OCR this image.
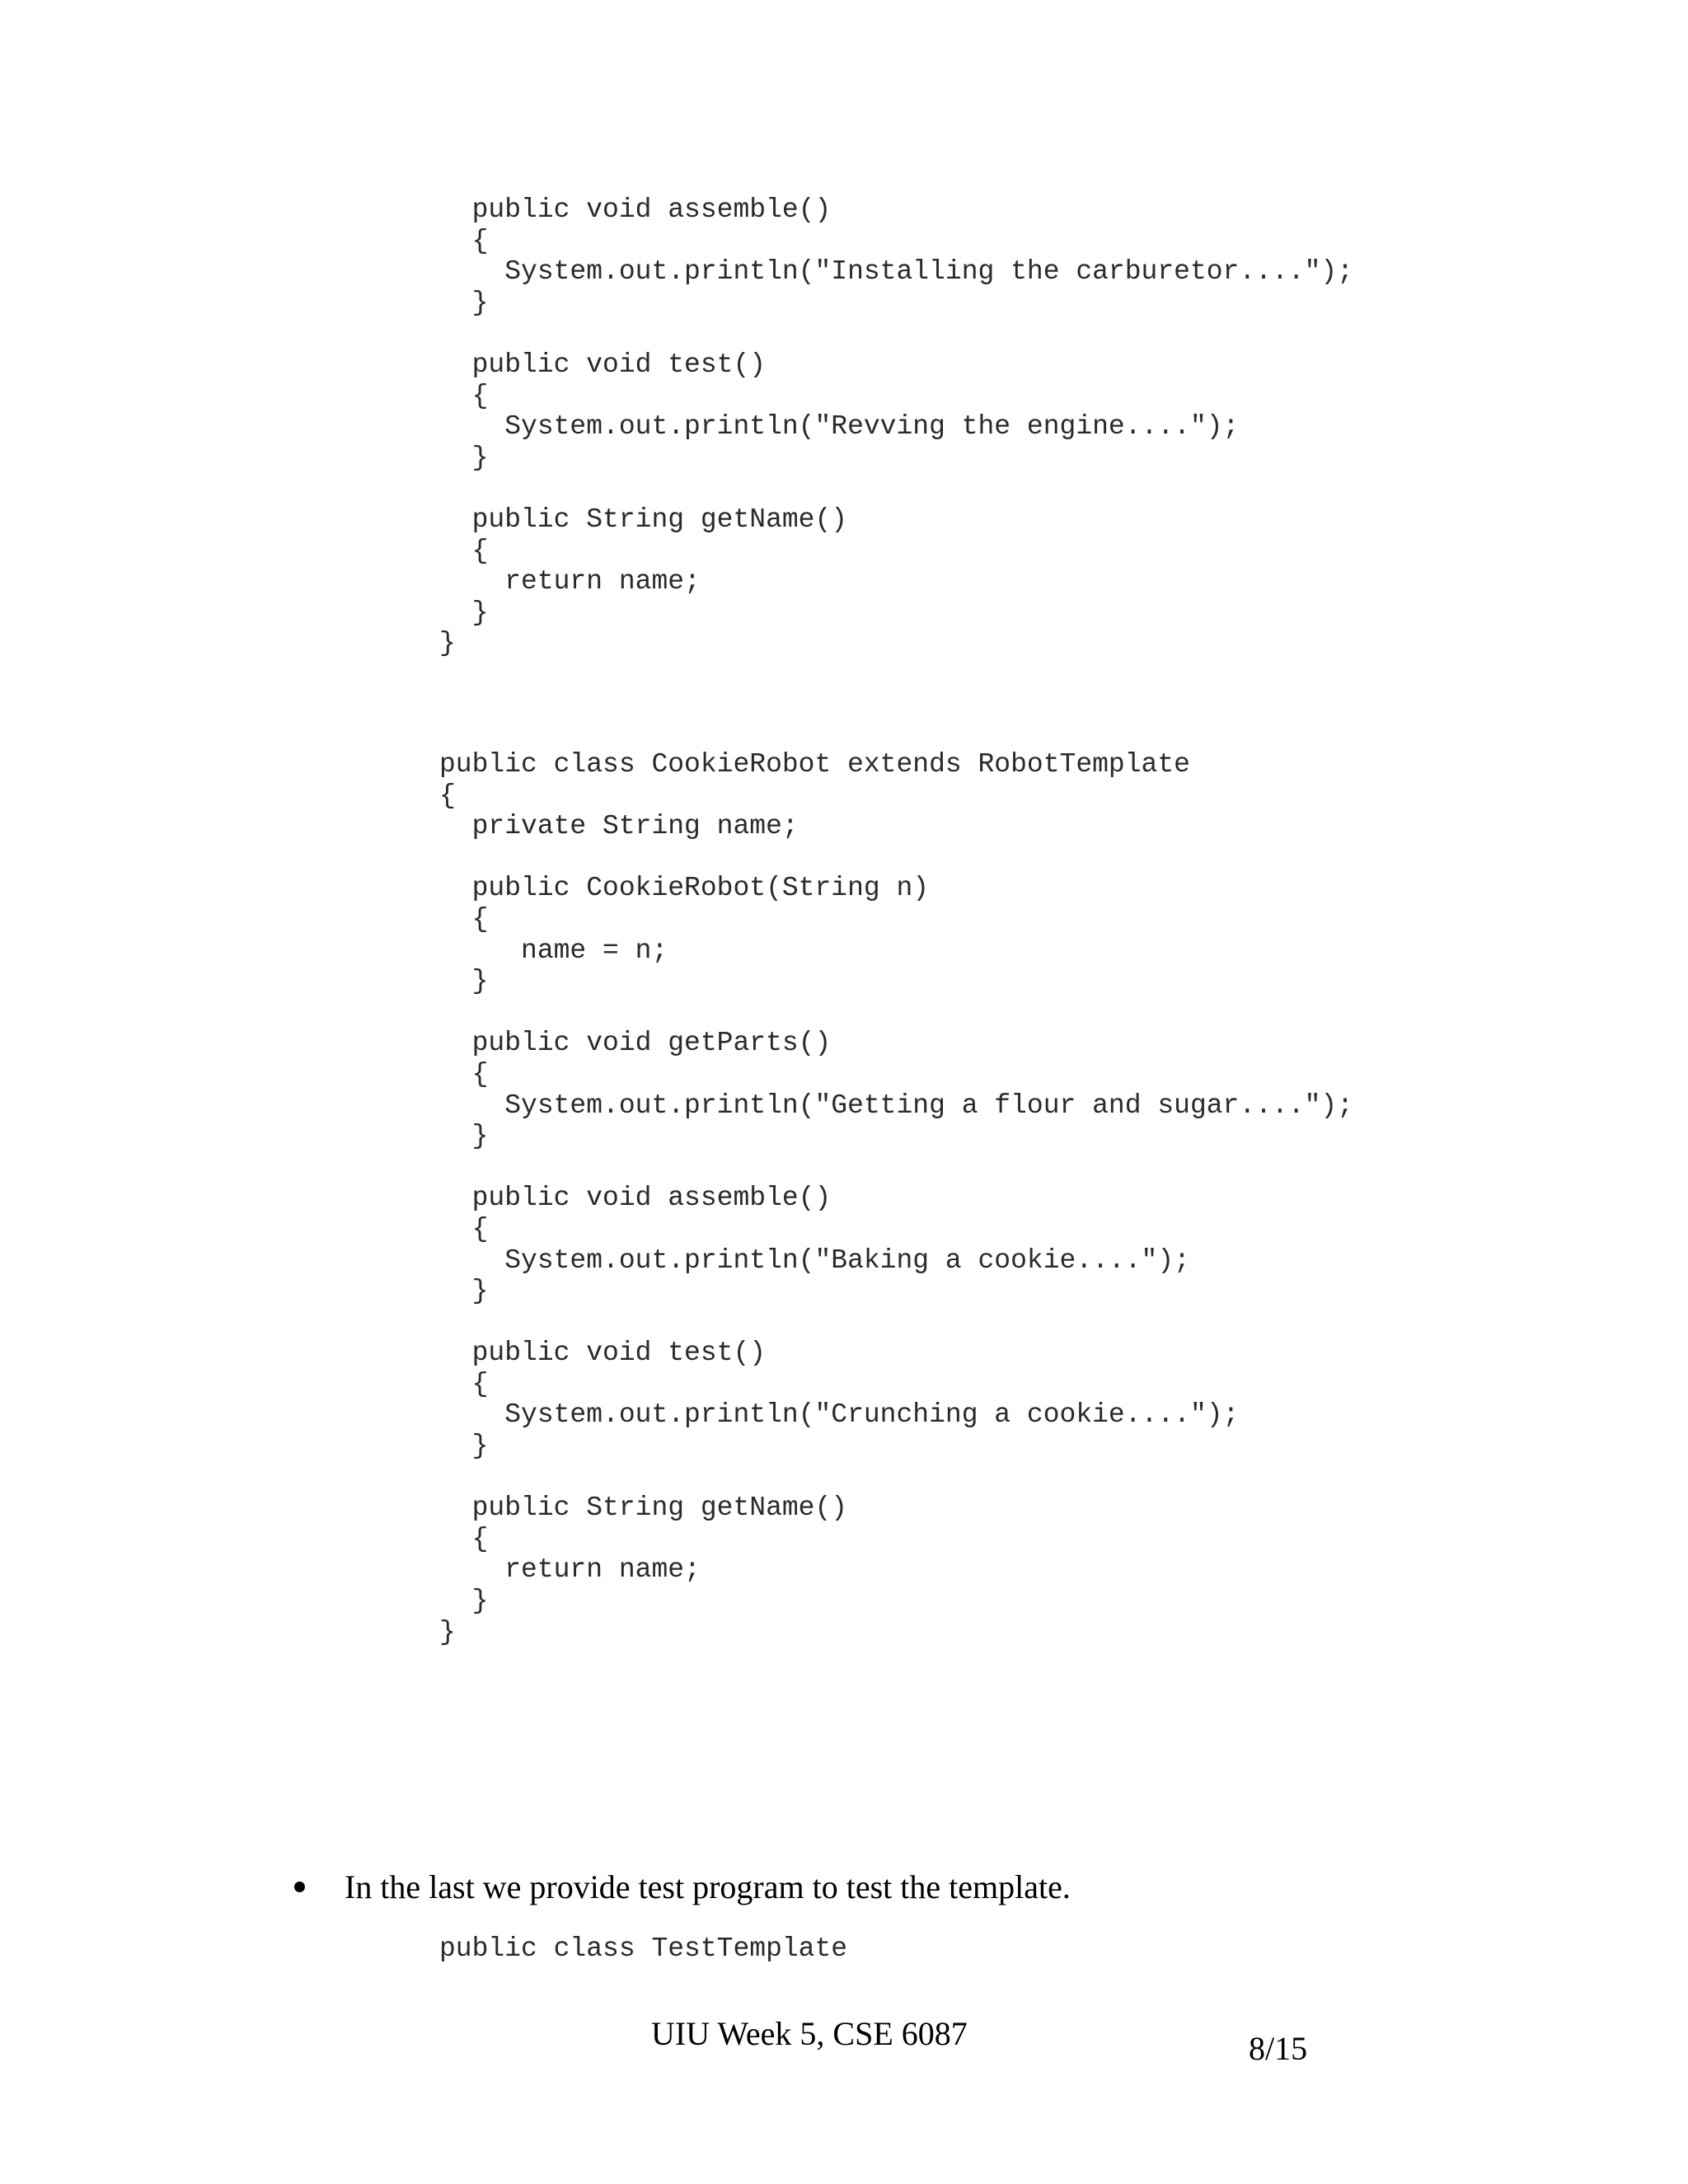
public void assemble()
{
System.out.println("Installing the carburetor....");
}
public void test()
{
System.out.println("Revving the engine....");
}
public String getName()
{
return name;
}
}
public class CookieRobot extends RobotTemplate
{
private String name;
public CookieRobot(String n)
{
name = n;
}
public void getParts()
{
System.out.println("Getting a flour and sugar....");
}
public void assemble()
{
System.out.println("Baking a cookie....");
}
public void test()
{
System.out.println("Crunching a cookie....");
}
public String getName()
{
return name;
}
}
In the last we provide test program to test the template.
public class TestTemplate
UIU Week 5, CSE 6087	8/15
